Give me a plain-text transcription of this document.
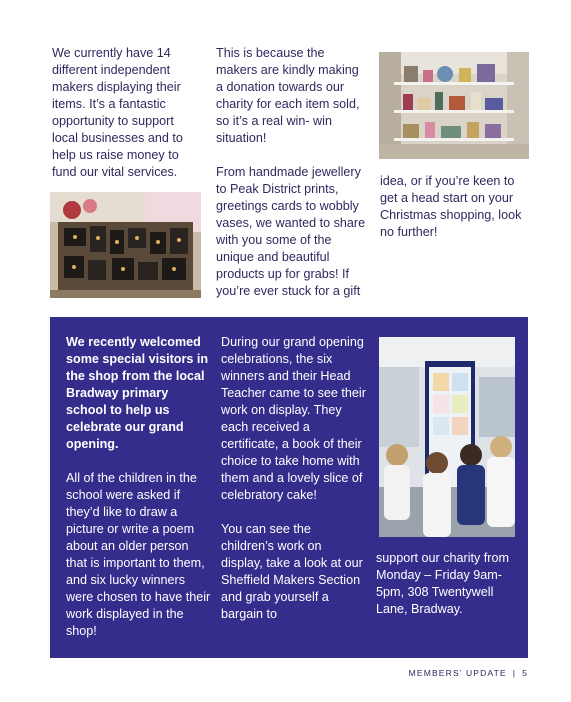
We currently have 14 different independent makers displaying their items. It’s a fantastic opportunity to support local businesses and to help us raise money to fund our vital services.
This is because the makers are kindly making a donation towards our charity for each item sold, so it’s a real win- win situation!
From handmade jewellery to Peak District prints, greetings cards to wobbly vases, we wanted to share with you some of the unique and beautiful products up for grabs! If you’re ever stuck for a gift
idea, or if you’re keen to get a head start on your Christmas shopping, look no further!
We recently welcomed some special visitors in the shop from the local Bradway primary school to help us celebrate our grand opening.
All of the children in the school were asked if they’d like to draw a picture or write a poem about an older person that is important to them, and six lucky winners were chosen to have their work displayed in the shop!
During our grand opening celebrations, the six winners and their Head Teacher came to see their work on display. They each received a certificate, a book of their choice to take home with them and a lovely slice of celebratory cake!
You can see the children’s work on display, take a look at our Sheffield Makers Section and grab yourself a bargain to
support our charity from Monday – Friday 9am-5pm, 308 Twentywell Lane, Bradway.
MEMBERS’ UPDATE | 5
